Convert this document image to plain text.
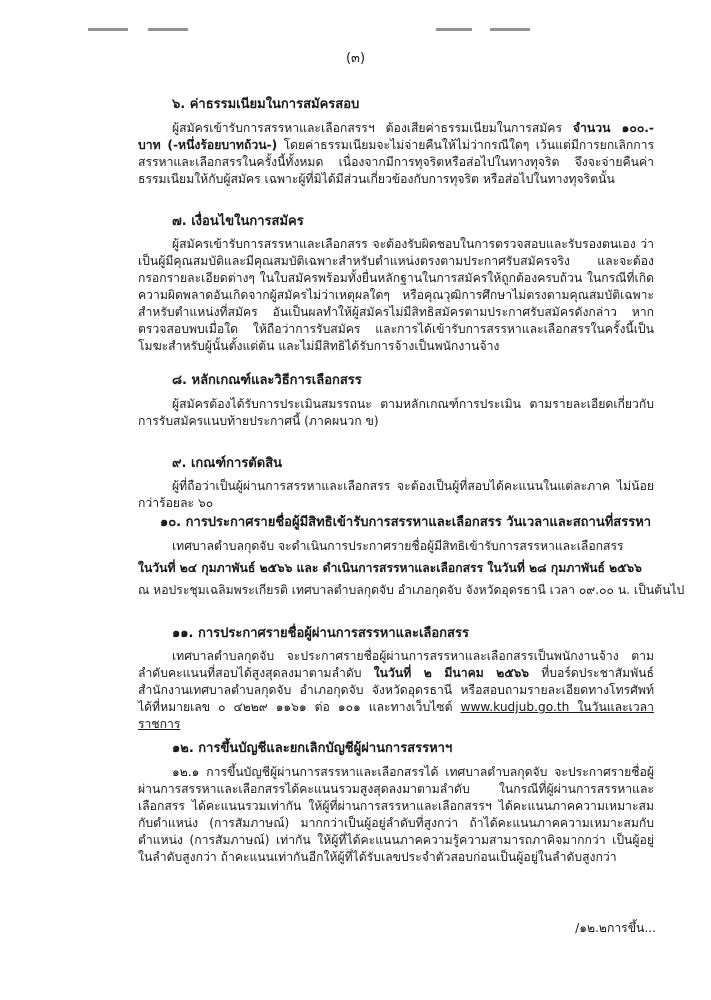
(๓)
๖. ค่าธรรมเนียมในการสมัครสอบ
ผู้สมัครเข้ารับการสรรหาและเลือกสรรฯ ต้องเสียค่าธรรมเนียมในการสมัคร จำนวน ๑๐๐.-บาท (-หนึ่งร้อยบาทถ้วน-) โดยค่าธรรมเนียมจะไม่จ่ายคืนให้ไม่ว่ากรณีใดๆ เว้นแต่มีการยกเลิกการสรรหาและเลือกสรรในครั้งนี้ทั้งหมด เนื่องจากมีการทุจริตหรือส่อไปในทางทุจริต จึงจะจ่ายคืนค่าธรรมเนียมให้กับผู้สมัคร เฉพาะผู้ที่มิได้มีส่วนเกี่ยวข้องกับการทุจริต หรือส่อไปในทางทุจริตนั้น
๗. เงื่อนไขในการสมัคร
ผู้สมัครเข้ารับการสรรหาและเลือกสรร จะต้องรับผิดชอบในการตรวจสอบและรับรองตนเอง ว่าเป็นผู้มีคุณสมบัติและมีคุณสมบัติเฉพาะสำหรับตำแหน่งตรงตามประกาศรับสมัครจริง และจะต้องกรอกรายละเอียดต่างๆ ในใบสมัครพร้อมทั้งยื่นหลักฐานในการสมัครให้ถูกต้องครบถ้วน ในกรณีที่เกิดความผิดพลาดอันเกิดจากผู้สมัครไม่ว่าเหตุผลใดๆ หรือคุณวุฒิการศึกษาไม่ตรงตามคุณสมบัติเฉพาะสำหรับตำแหน่งที่สมัคร อันเป็นผลทำให้ผู้สมัครไม่มีสิทธิสมัครตามประกาศรับสมัครดังกล่าว หากตรวจสอบพบเมื่อใด ให้ถือว่าการรับสมัคร และการได้เข้ารับการสรรหาและเลือกสรรในครั้งนี้เป็นโมฆะสำหรับผู้นั้นตั้งแต่ต้น และไม่มีสิทธิได้รับการจ้างเป็นพนักงานจ้าง
๘. หลักเกณฑ์และวิธีการเลือกสรร
ผู้สมัครต้องได้รับการประเมินสมรรถนะ ตามหลักเกณฑ์การประเมิน ตามรายละเอียดเกี่ยวกับการรับสมัครแนบท้ายประกาศนี้ (ภาคผนวก ข)
๙. เกณฑ์การตัดสิน
ผู้ที่ถือว่าเป็นผู้ผ่านการสรรหาและเลือกสรร จะต้องเป็นผู้ที่สอบได้คะแนนในแต่ละภาค ไม่น้อยกว่าร้อยละ ๖๐
๑๐. การประกาศรายชื่อผู้มีสิทธิเข้ารับการสรรหาและเลือกสรร วันเวลาและสถานที่สรรหา
เทศบาลตำบลกุดจับ จะดำเนินการประกาศรายชื่อผู้มีสิทธิเข้ารับการสรรหาและเลือกสรร
ในวันที่ ๒๔ กุมภาพันธ์ ๒๕๖๖ และ ดำเนินการสรรหาและเลือกสรร ในวันที่ ๒๘ กุมภาพันธ์ ๒๕๖๖
ณ หอประชุมเฉลิมพระเกียรติ เทศบาลตำบลกุดจับ อำเภอกุดจับ จังหวัดอุดรธานี เวลา ๐๙.๐๐ น. เป็นต้นไป
๑๑. การประกาศรายชื่อผู้ผ่านการสรรหาและเลือกสรร
เทศบาลตำบลกุดจับ จะประกาศรายชื่อผู้ผ่านการสรรหาและเลือกสรรเป็นพนักงานจ้าง ตามลำดับคะแนนที่สอบได้สูงสุดลงมาตามลำดับ ในวันที่ ๒ มีนาคม ๒๕๖๖ ที่บอร์ดประชาสัมพันธ์ สำนักงานเทศบาลตำบลกุดจับ อำเภอกุดจับ จังหวัดอุดรธานี หรือสอบถามรายละเอียดทางโทรศัพท์ได้ที่หมายเลข ๐ ๔๒๒๙ ๑๑๖๑ ต่อ ๑๐๑ และทางเว็บไซต์ www.kudjub.go.th ในวันและเวลาราชการ
๑๒. การขึ้นบัญชีและยกเลิกบัญชีผู้ผ่านการสรรหาฯ
๑๒.๑ การขึ้นบัญชีผู้ผ่านการสรรหาและเลือกสรรได้ เทศบาลตำบลกุดจับ จะประกาศรายชื่อผู้ผ่านการสรรหาและเลือกสรรได้คะแนนรวมสูงสุดลงมาตามลำดับ ในกรณีที่ผู้ผ่านการสรรหาและเลือกสรร ได้คะแนนรวมเท่ากัน ให้ผู้ที่ผ่านการสรรหาและเลือกสรรฯ ได้คะแนนภาคความเหมาะสมกับตำแหน่ง (การสัมภาษณ์) มากกว่าเป็นผู้อยู่ลำดับที่สูงกว่า ถ้าได้คะแนนภาคความเหมาะสมกับตำแหน่ง (การสัมภาษณ์) เท่ากัน ให้ผู้ที่ได้คะแนนภาคความรู้ความสามารถภาคิจมากกว่า เป็นผู้อยู่ในลำดับสูงกว่า ถ้าคะแนนเท่ากันอีกให้ผู้ที่ได้รับเลขประจำตัวสอบก่อนเป็นผู้อยู่ในลำดับสูงกว่า
/๑๒.๒การขึ้น...
